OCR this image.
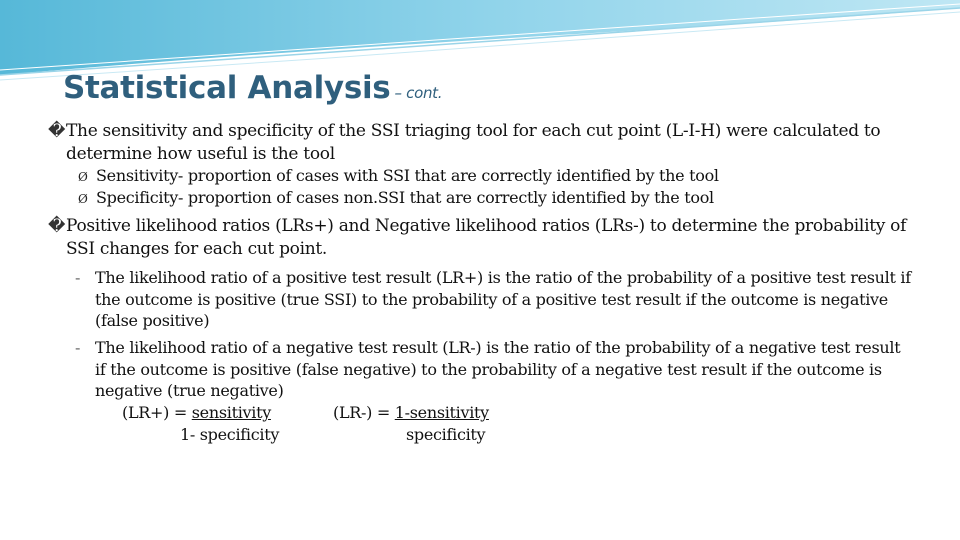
Statistical Analysis – cont.
�The sensitivity and specificity of the SSI triaging tool for each cut point (L-I-H) were calculated to determine how useful is the tool
Ø Sensitivity- proportion of cases with SSI that are correctly identified by the tool
Ø Specificity- proportion of cases non.SSI that are correctly identified by the tool
�Positive likelihood ratios (LRs+) and Negative likelihood ratios (LRs-) to determine the probability of SSI changes for each cut point.
- The likelihood ratio of a positive test result (LR+) is the ratio of the probability of a positive test result if the outcome is positive (true SSI) to the probability of a positive test result if the outcome is negative (false positive)
- The likelihood ratio of a negative test result (LR-) is the ratio of the probability of a negative test result if the outcome is positive (false negative) to the probability of a negative test result if the outcome is negative (true negative)
(LR+) = sensitivity
1- specificity
(LR-) = 1-sensitivity
specificity
